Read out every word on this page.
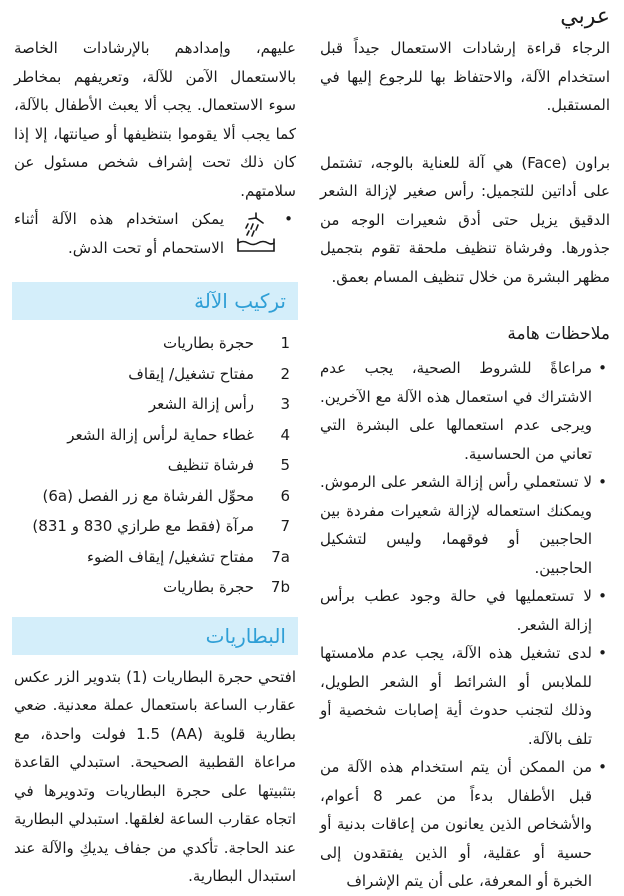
عربي

الرجاء قراءة إرشادات الاستعمال جيداً قبل استخدام الآلة، والاحتفاظ بها للرجوع إليها في المستقبل.

براون (Face) هي آلة للعناية بالوجه، تشتمل على أداتين للتجميل: رأس صغير لإزالة الشعر الدقيق يزيل حتى أدق شعيرات الوجه من جذورها. وفرشاة تنظيف ملحقة تقوم بتجميل مظهر البشرة من خلال تنظيف المسام بعمق.

ملاحظات هامة
• مراعاةً للشروط الصحية، يجب عدم الاشتراك في استعمال هذه الآلة مع الآخرين. ويرجى عدم استعمالها على البشرة التي تعاني من الحساسية.
• لا تستعملي رأس إزالة الشعر على الرموش. ويمكنك استعماله لإزالة شعيرات مفردة بين الحاجبين أو فوقهما، وليس لتشكيل الحاجبين.
• لا تستعمليها في حالة وجود عطب برأس إزالة الشعر.
• لدى تشغيل هذه الآلة، يجب عدم ملامستها للملابس أو الشرائط أو الشعر الطويل، وذلك لتجنب حدوث أية إصابات شخصية أو تلف بالآلة.
• من الممكن أن يتم استخدام هذه الآلة من قبل الأطفال بدءاً من عمر 8 أعوام، والأشخاص الذين يعانون من إعاقات بدنية أو حسية أو عقلية، أو الذين يفتقدون إلى الخبرة أو المعرفة، على أن يتم الإشراف

عليهم، وإمدادهم بالإرشادات الخاصة بالاستعمال الآمن للآلة، وتعريفهم بمخاطر سوء الاستعمال. يجب ألا يعبث الأطفال بالآلة، كما يجب ألا يقوموا بتنظيفها أو صيانتها، إلا إذا كان ذلك تحت إشراف شخص مسئول عن سلامتهم.

•
يمكن استخدام هذه الآلة أثناء الاستحمام أو تحت الدش.
تركيب الآلة
1
حجرة بطاريات
2
مفتاح تشغيل/ إيقاف
3
رأس إزالة الشعر
4
غطاء حماية لرأس إزالة الشعر
5
فرشاة تنظيف
6
محوِّل الفرشاة مع زر الفصل (6a)
7
مرآة (فقط مع طرازي 830 و 831)
7a
مفتاح تشغيل/ إيقاف الضوء
7b
حجرة بطاريات
البطاريات

افتحي حجرة البطاريات (1) بتدوير الزر عكس عقارب الساعة باستعمال عملة معدنية. ضعي بطارية قلوية (AA) 1.5 فولت واحدة، مع مراعاة القطبية الصحيحة. استبدلي القاعدة بتثبيتها على حجرة البطاريات وتدويرها في اتجاه عقارب الساعة لغلقها. استبدلي البطارية عند الحاجة. تأكدي من جفاف يديكِ والآلة عند استبدال البطارية.
